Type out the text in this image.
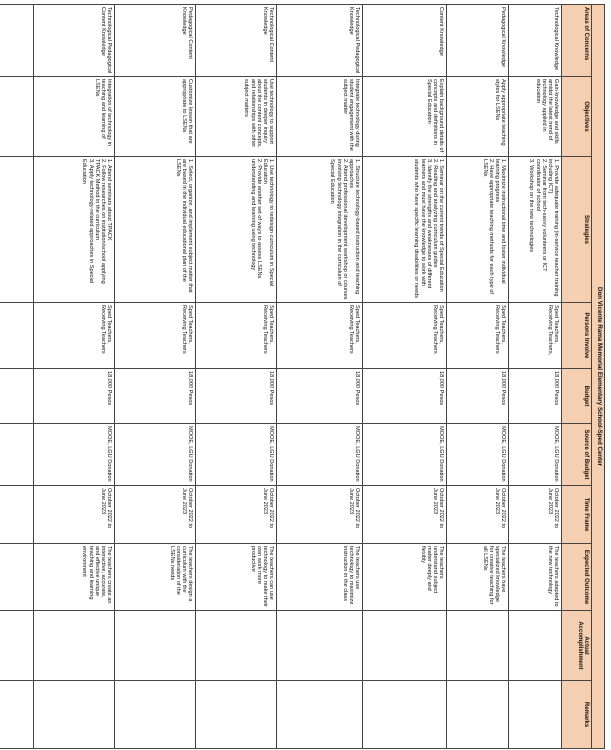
Don Vicente Rama Memorial Elementary School-Sped Center									
Areas of Concerns	Objectives	Strategies	Persons Involve	Budget	Source of Budget	Time Frame	Expected Outcome	Actual Accomplishment	Remarks
Technological Knowledge	Gain knowledge and skills amidst the latest trend of technology applied in education	1. Provide adequate training (in-service teacher training including ICT)
2. Seminar from tech-savvy volunteers or ICT coordinator of school
3. Workshop on the new technologies	Sped Teachers, Receiving Teachers,	18,000 Pesos	MOOE, LGU Donation	October 2022 to June 2023	The teachers adapted to the new technology		
Pedagogical Knowledge	Apply appropriate teaching styles for LSENs	1. Maximize instructional time and foster individual learning progress
2. Have appropriate teaching methods for each type of LSENs	Sped Teachers, Receiving Teachers	18,000 Pesos	MOOE, LGU Donation	October 2022 to June 2023	The teachers have specialized knowledge for creative teaching for all LSENs		
Content Knowledge	Explain background details of concepts and definitions in Special Education	1. Seminar on the current trends of Special Education
2. Reading and analyzing curriculum guides
3. Identify the strengths and weaknesses of different learners and must have the knowledge to work with students who have specific learning disabilities or needs	Sped Teachers, Receiving Teachers	18,000 Pesos	MOOE, LGU Donation	October 2022 to June 2023	The teachers understand subject matter deeply and flexibly		
Technological Pedagogical Knowledge	Integrate technology during student engagement with the subject matter	1. Structure technology-based instruction and teaching approaches
2. Attend professional development workshop or courses involving technology integration in the curriculum of Special Education	Sped Teachers, Receiving Teachers	18,000 Pesos	MOOE, LGU Donation	October 2022 to June 2023	The teachers use technology to maximize instruction in the class		
Technological Content Knowledge	Use technology to support students in deeper inquiry about the content concepts, and relationships with other subject matters	1. Use technology to redesign curriculum in Special Education
2. Provide another set of ways to assess LSENs understanding and learning using technology	Sped Teachers, Receiving Teachers	18,000 Pesos	MOOE, LGU Donation	October 2022 to June 2023	The teachers can use technology to make their own work more productive		
Pedagogical Content Knowledge	Customize lesson that are appropriate to LSENs	1. Select, organize, and implement subject matter that are based in the individual educational plan of the LSENs	Sped Teachers, Receiving Teachers	18,000 Pesos	MOOE, LGU Donation	October 2022 to June 2023	The teachers design a curriculum with the consideration of the LSENs needs		
Technological Pedagogical Content Knowledge	Integration of technology in teaching and learning of LSENs	1. Attend seminars about TPACK
2. Follow researches on institution/school applying TPACK Method in the curriculum
3. Apply technology-related approaches in Special Education	Sped Teachers, Receiving Teachers	18,000 Pesos	MOOE, LGU Donation	October 2022 to June 2023	The teachers create an interactive, accurate, and effective unique teaching and learning environment		
